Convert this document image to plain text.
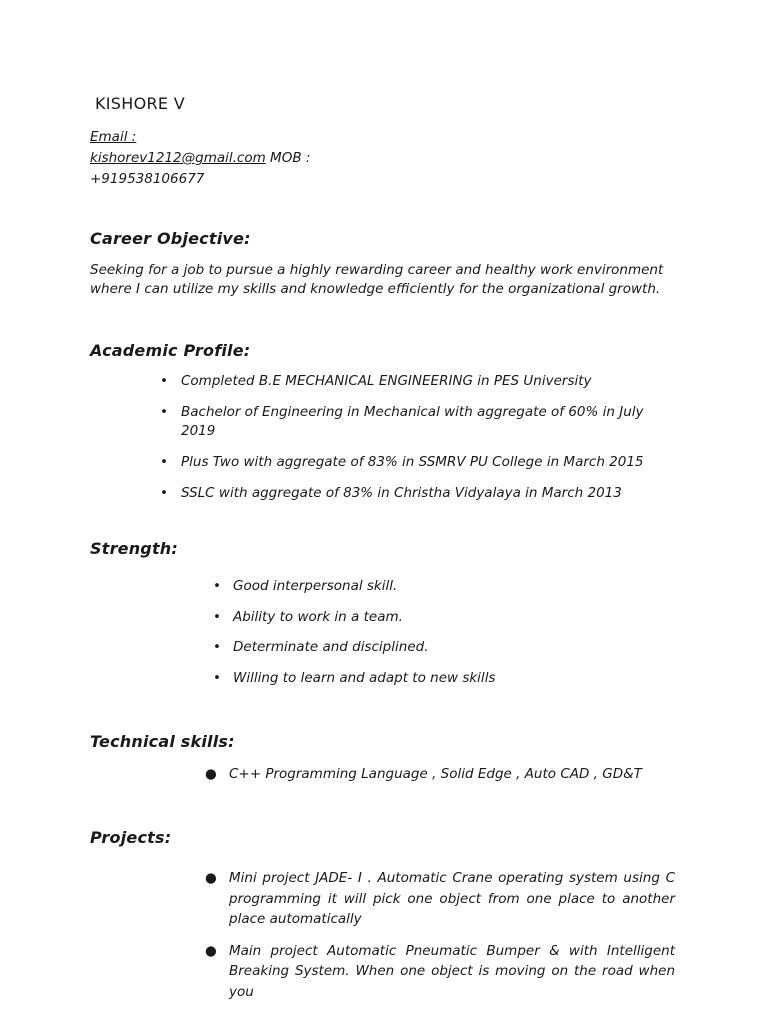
KISHORE V
Email :
kishorev1212@gmail.com MOB :
+919538106677
Career Objective:

Seeking for a job to pursue a highly rewarding career and healthy work environment where I can utilize my skills and knowledge efficiently for the organizational growth.

Academic Profile:
• Completed B.E MECHANICAL ENGINEERING in PES University
• Bachelor of Engineering in Mechanical with aggregate of 60% in July 2019
• Plus Two with aggregate of 83% in SSMRV PU College in March 2015
• SSLC with aggregate of 83% in Christha Vidyalaya in March 2013
Strength:
• Good interpersonal skill.
• Ability to work in a team.
• Determinate and disciplined.
• Willing to learn and adapt to new skills
Technical skills:
● C++ Programming Language , Solid Edge , Auto CAD , GD&T
Projects:
● Mini project JADE- I . Automatic Crane operating system using C programming it will pick one object from one place to another place automatically
● Main project Automatic Pneumatic Bumper & with Intelligent Breaking System. When one object is moving on the road when you
